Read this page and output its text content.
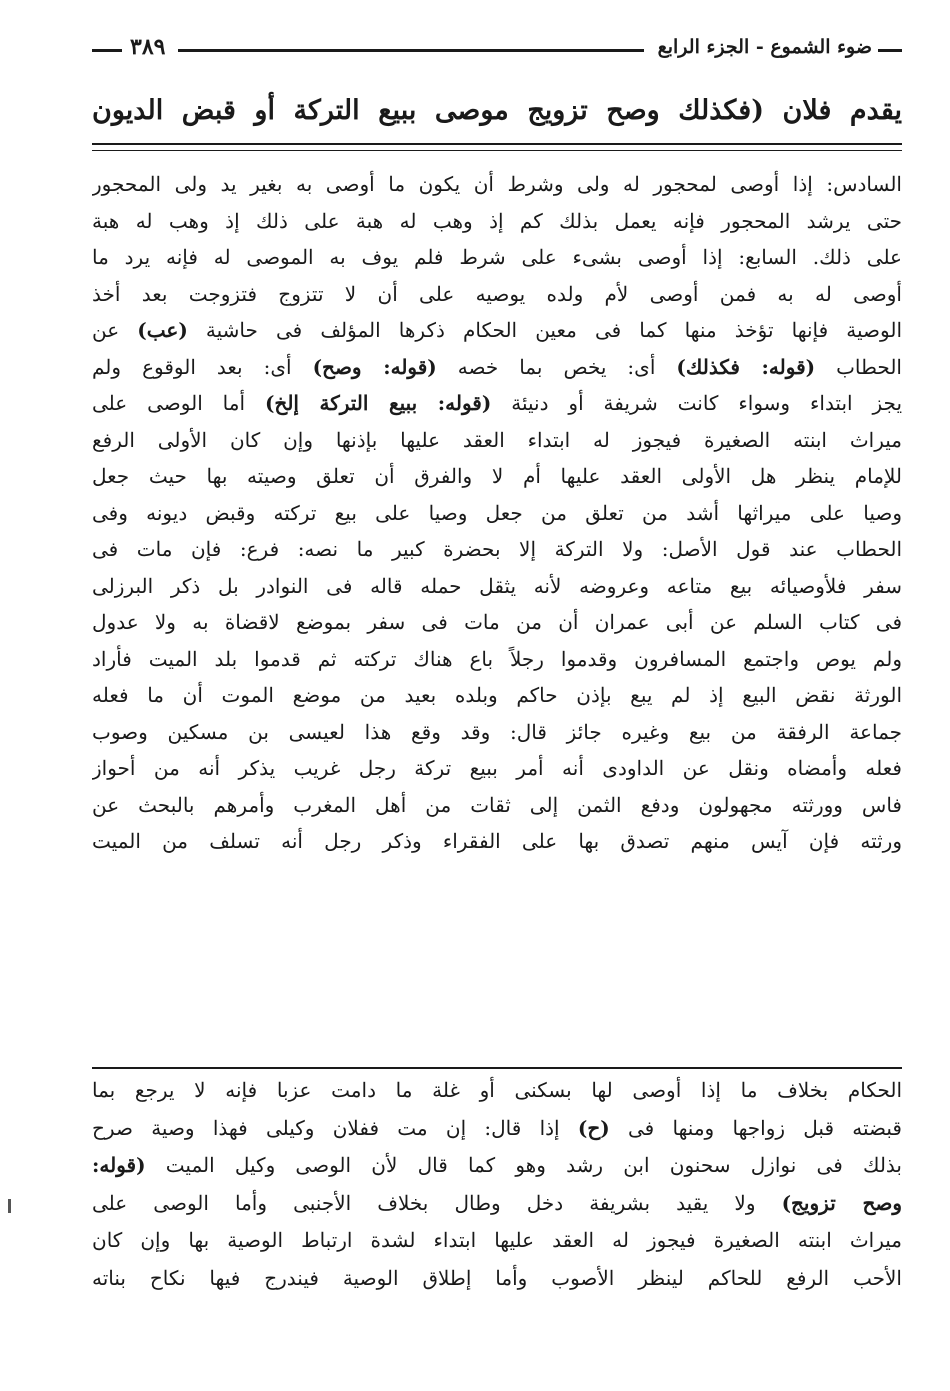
ضوء الشموع - الجزء الرابع
٣٨٩
يقدم فلان (فكذلك وصح تزويج موصى ببيع التركة أو قبض الديون
السادس: إذا أوصى لمحجور له ولى وشرط أن يكون ما أوصى به بغير يد ولى المحجور
حتى يرشد المحجور فإنه يعمل بذلك كم إذ وهب له هبة على ذلك إذ وهب له هبة
على ذلك. السابع: إذا أوصى بشىء على شرط فلم يوف به الموصى له فإنه يرد ما
أوصى له به فمن أوصى لأم ولده يوصيه على أن لا تتزوج فتزوجت بعد أخذ
الوصية فإنها تؤخذ منها كما فى معين الحكام ذكرها المؤلف فى حاشية (عب) عن
الحطاب (قوله: فكذلك) أى: يخص بما خصه (قوله: وصح) أى: بعد الوقوع ولم
يجز ابتداء وسواء كانت شريفة أو دنيئة (قوله: ببيع التركة إلخ) أما الوصى على
ميراث ابنته الصغيرة فيجوز له ابتداء العقد عليها بإذنها وإن كان الأولى الرفع
للإمام ينظر هل الأولى العقد عليها أم لا والفرق أن تعلق وصيته بها حيث جعل
وصيا على ميراثها أشد من تعلق من جعل وصيا على بيع تركته وقبض ديونه وفى
الحطاب عند قول الأصل: ولا التركة إلا بحضرة كبير ما نصه: فرع: فإن مات فى
سفر فلأوصيائه بيع متاعه وعروضه لأنه يثقل حمله قاله فى النوادر بل ذكر البرزلى
فى كتاب السلم عن أبى عمران أن من مات فى سفر بموضع لاقضاة به ولا عدول
ولم يوص واجتمع المسافرون وقدموا رجلاً باع هناك تركته ثم قدموا بلد الميت فأراد
الورثة نقض البيع إذ لم يبع بإذن حاكم وبلده بعيد من موضع الموت أن ما فعله
جماعة الرفقة من بيع وغيره جائز قال: وقد وقع هذا لعيسى بن مسكين وصوب
فعله وأمضاه ونقل عن الداودى أنه أمر ببيع تركة رجل غريب يذكر أنه من أحواز
فاس وورثته مجهولون ودفع الثمن إلى ثقات من أهل المغرب وأمرهم بالبحث عن
ورثته فإن آيس منهم تصدق بها على الفقراء وذكر رجل أنه تسلف من الميت
الحكام بخلاف ما إذا أوصى لها بسكنى أو غلة ما دامت عزبا فإنه لا يرجع بما
قبضته قبل زواجها ومنها فى (ح) إذا قال: إن مت ففلان وكيلى فهذا وصية صرح
بذلك فى نوازل سحنون ابن رشد وهو كما قال لأن الوصى وكيل الميت (قوله:
وصح تزويج) ولا يقيد بشريفة دخل وطال بخلاف الأجنبى وأما الوصى على
ميراث ابنته الصغيرة فيجوز له العقد عليها ابتداء لشدة ارتباط الوصية بها وإن كان
الأحب الرفع للحاكم لينظر الأصوب وأما إطلاق الوصية فيندرج فيها نكاح بناته
